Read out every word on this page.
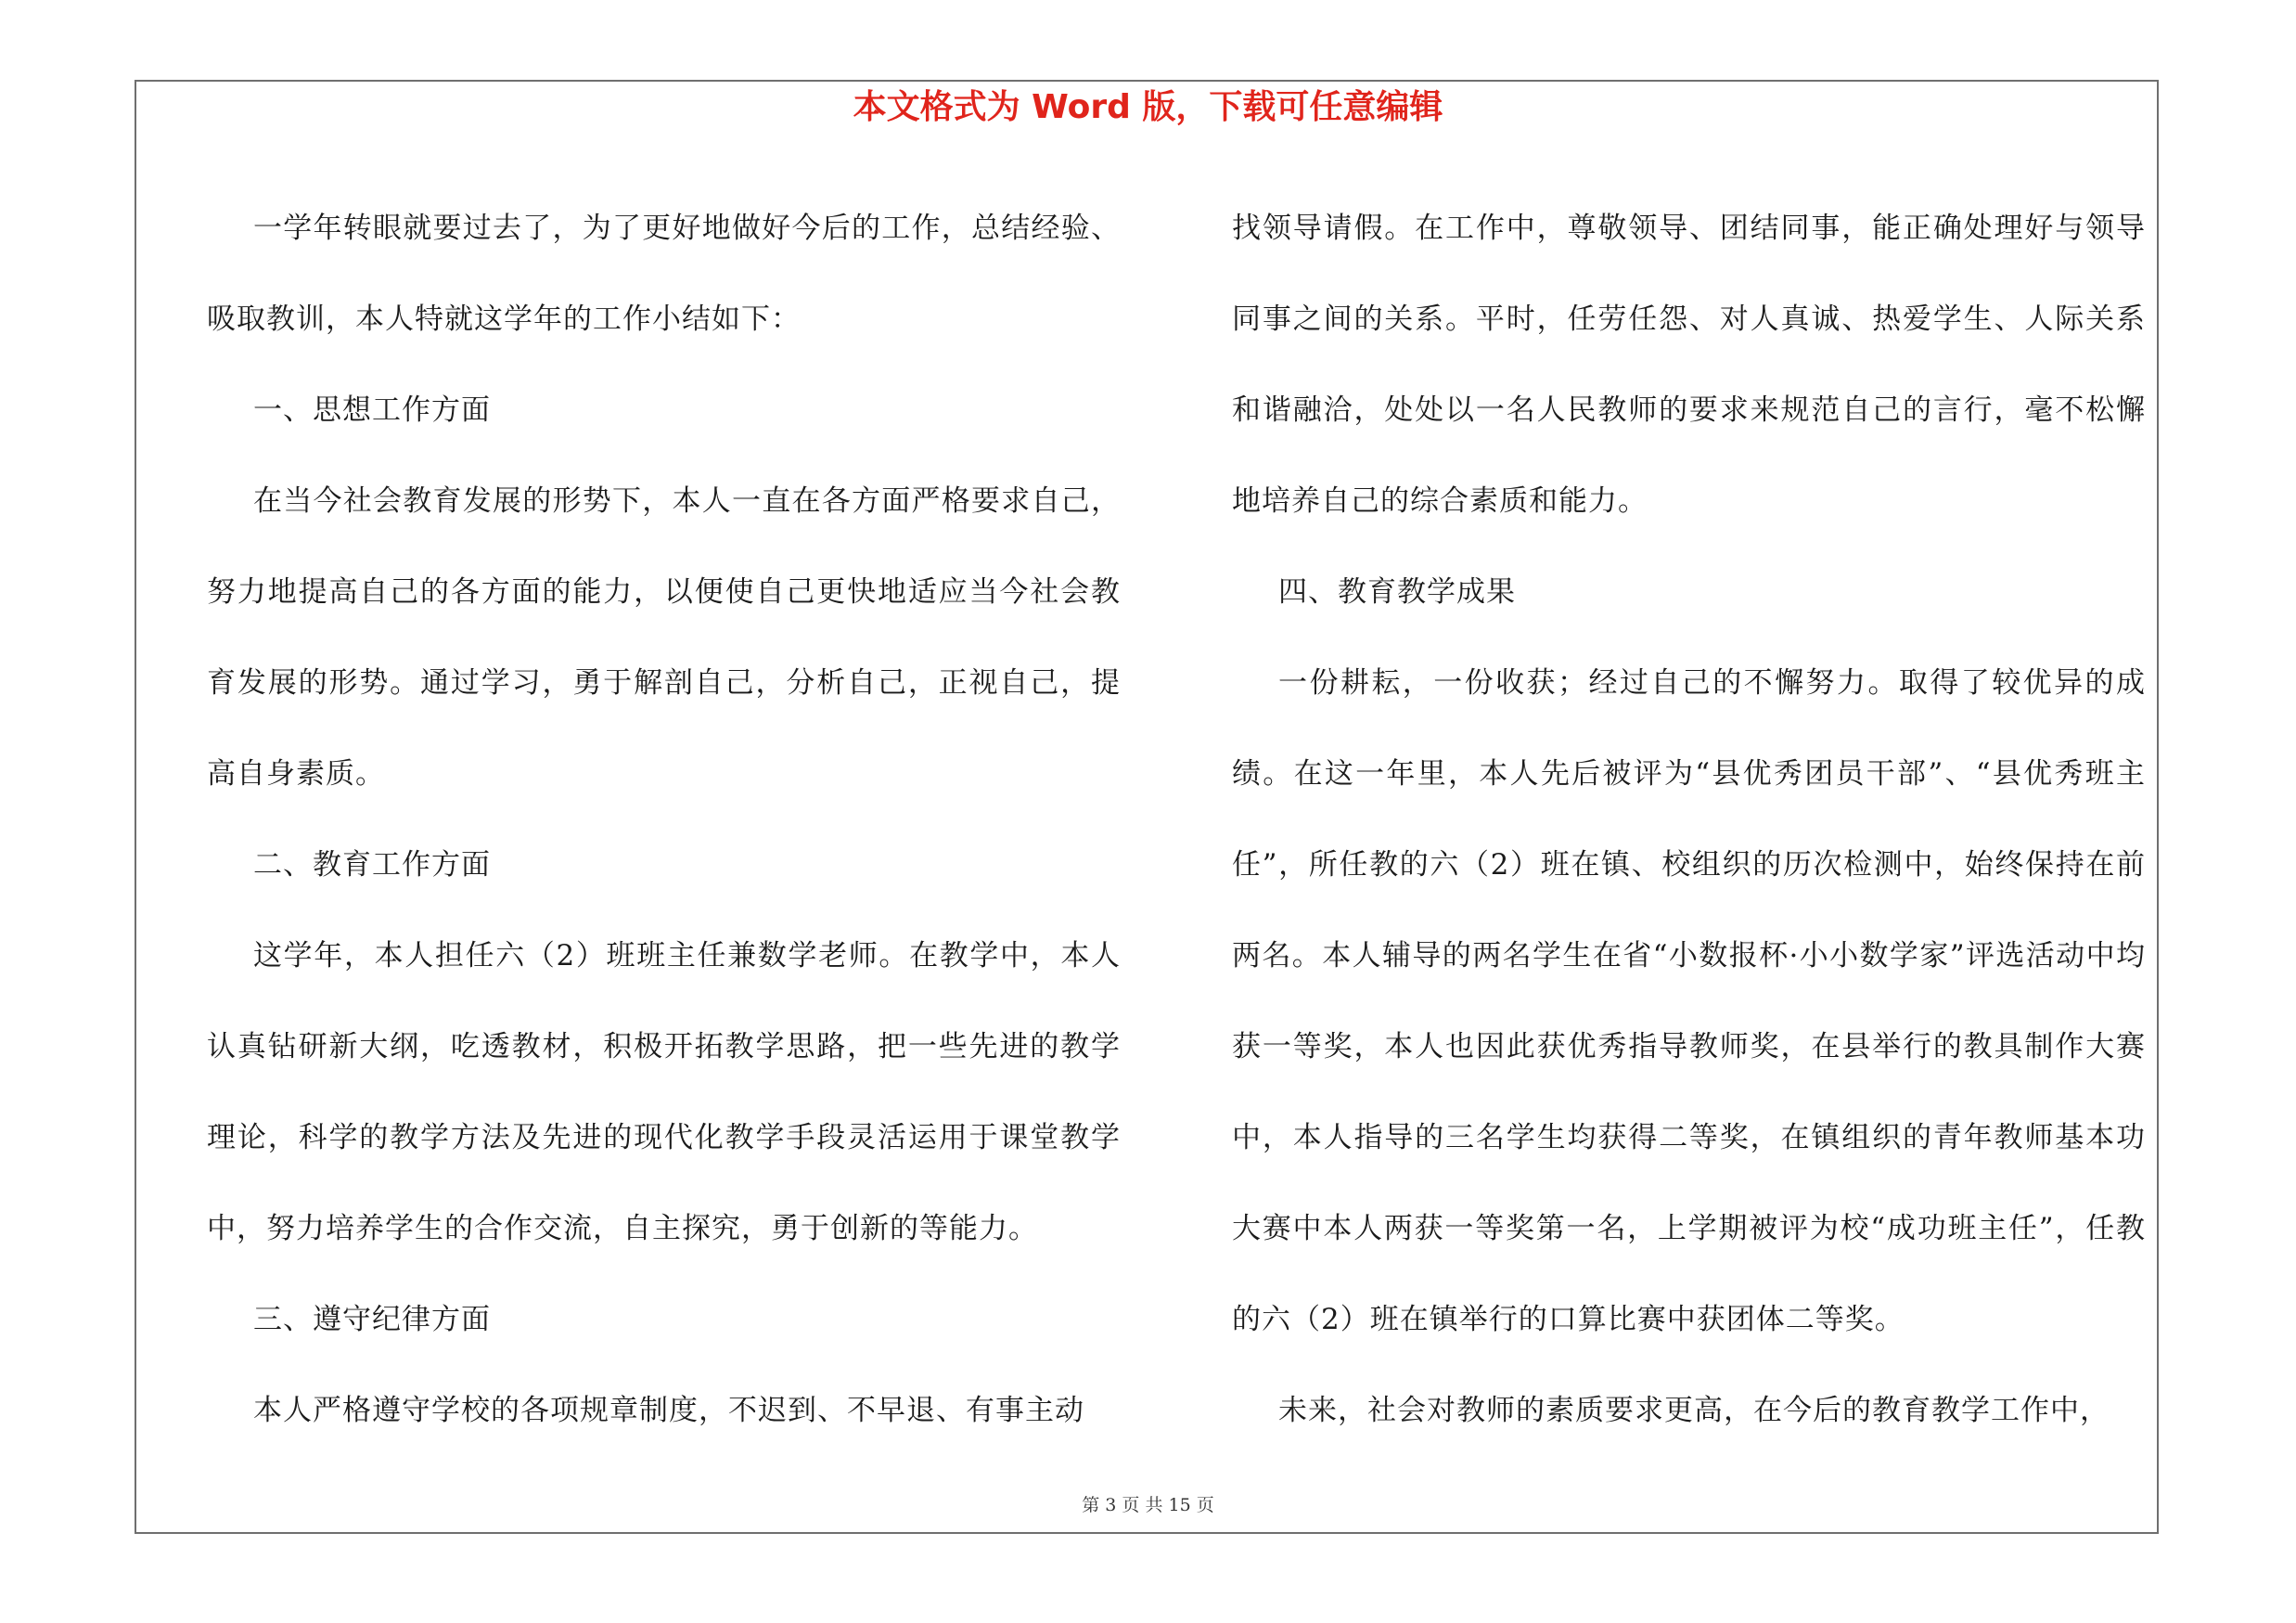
本文格式为 Word 版，下载可任意编辑

一学年转眼就要过去了，为了更好地做好今后的工作，总结经验、吸取教训，本人特就这学年的工作小结如下：

一、思想工作方面

在当今社会教育发展的形势下，本人一直在各方面严格要求自己，努力地提高自己的各方面的能力，以便使自己更快地适应当今社会教育发展的形势。通过学习，勇于解剖自己，分析自己，正视自己，提高自身素质。

二、教育工作方面

这学年，本人担任六（2）班班主任兼数学老师。在教学中，本人认真钻研新大纲，吃透教材，积极开拓教学思路，把一些先进的教学理论，科学的教学方法及先进的现代化教学手段灵活运用于课堂教学中，努力培养学生的合作交流，自主探究，勇于创新的等能力。

三、遵守纪律方面

本人严格遵守学校的各项规章制度，不迟到、不早退、有事主动

找领导请假。在工作中，尊敬领导、团结同事，能正确处理好与领导同事之间的关系。平时，任劳任怨、对人真诚、热爱学生、人际关系和谐融洽，处处以一名人民教师的要求来规范自己的言行，毫不松懈地培养自己的综合素质和能力。

四、教育教学成果

一份耕耘，一份收获；经过自己的不懈努力。取得了较优异的成绩。在这一年里，本人先后被评为“县优秀团员干部”、“县优秀班主任”，所任教的六（2）班在镇、校组织的历次检测中，始终保持在前两名。本人辅导的两名学生在省“小数报杯·小小数学家”评选活动中均获一等奖，本人也因此获优秀指导教师奖，在县举行的教具制作大赛中，本人指导的三名学生均获得二等奖，在镇组织的青年教师基本功大赛中本人两获一等奖第一名，上学期被评为校“成功班主任”，任教的六（2）班在镇举行的口算比赛中获团体二等奖。

未来，社会对教师的素质要求更高，在今后的教育教学工作中，

第 3 页 共 15 页
